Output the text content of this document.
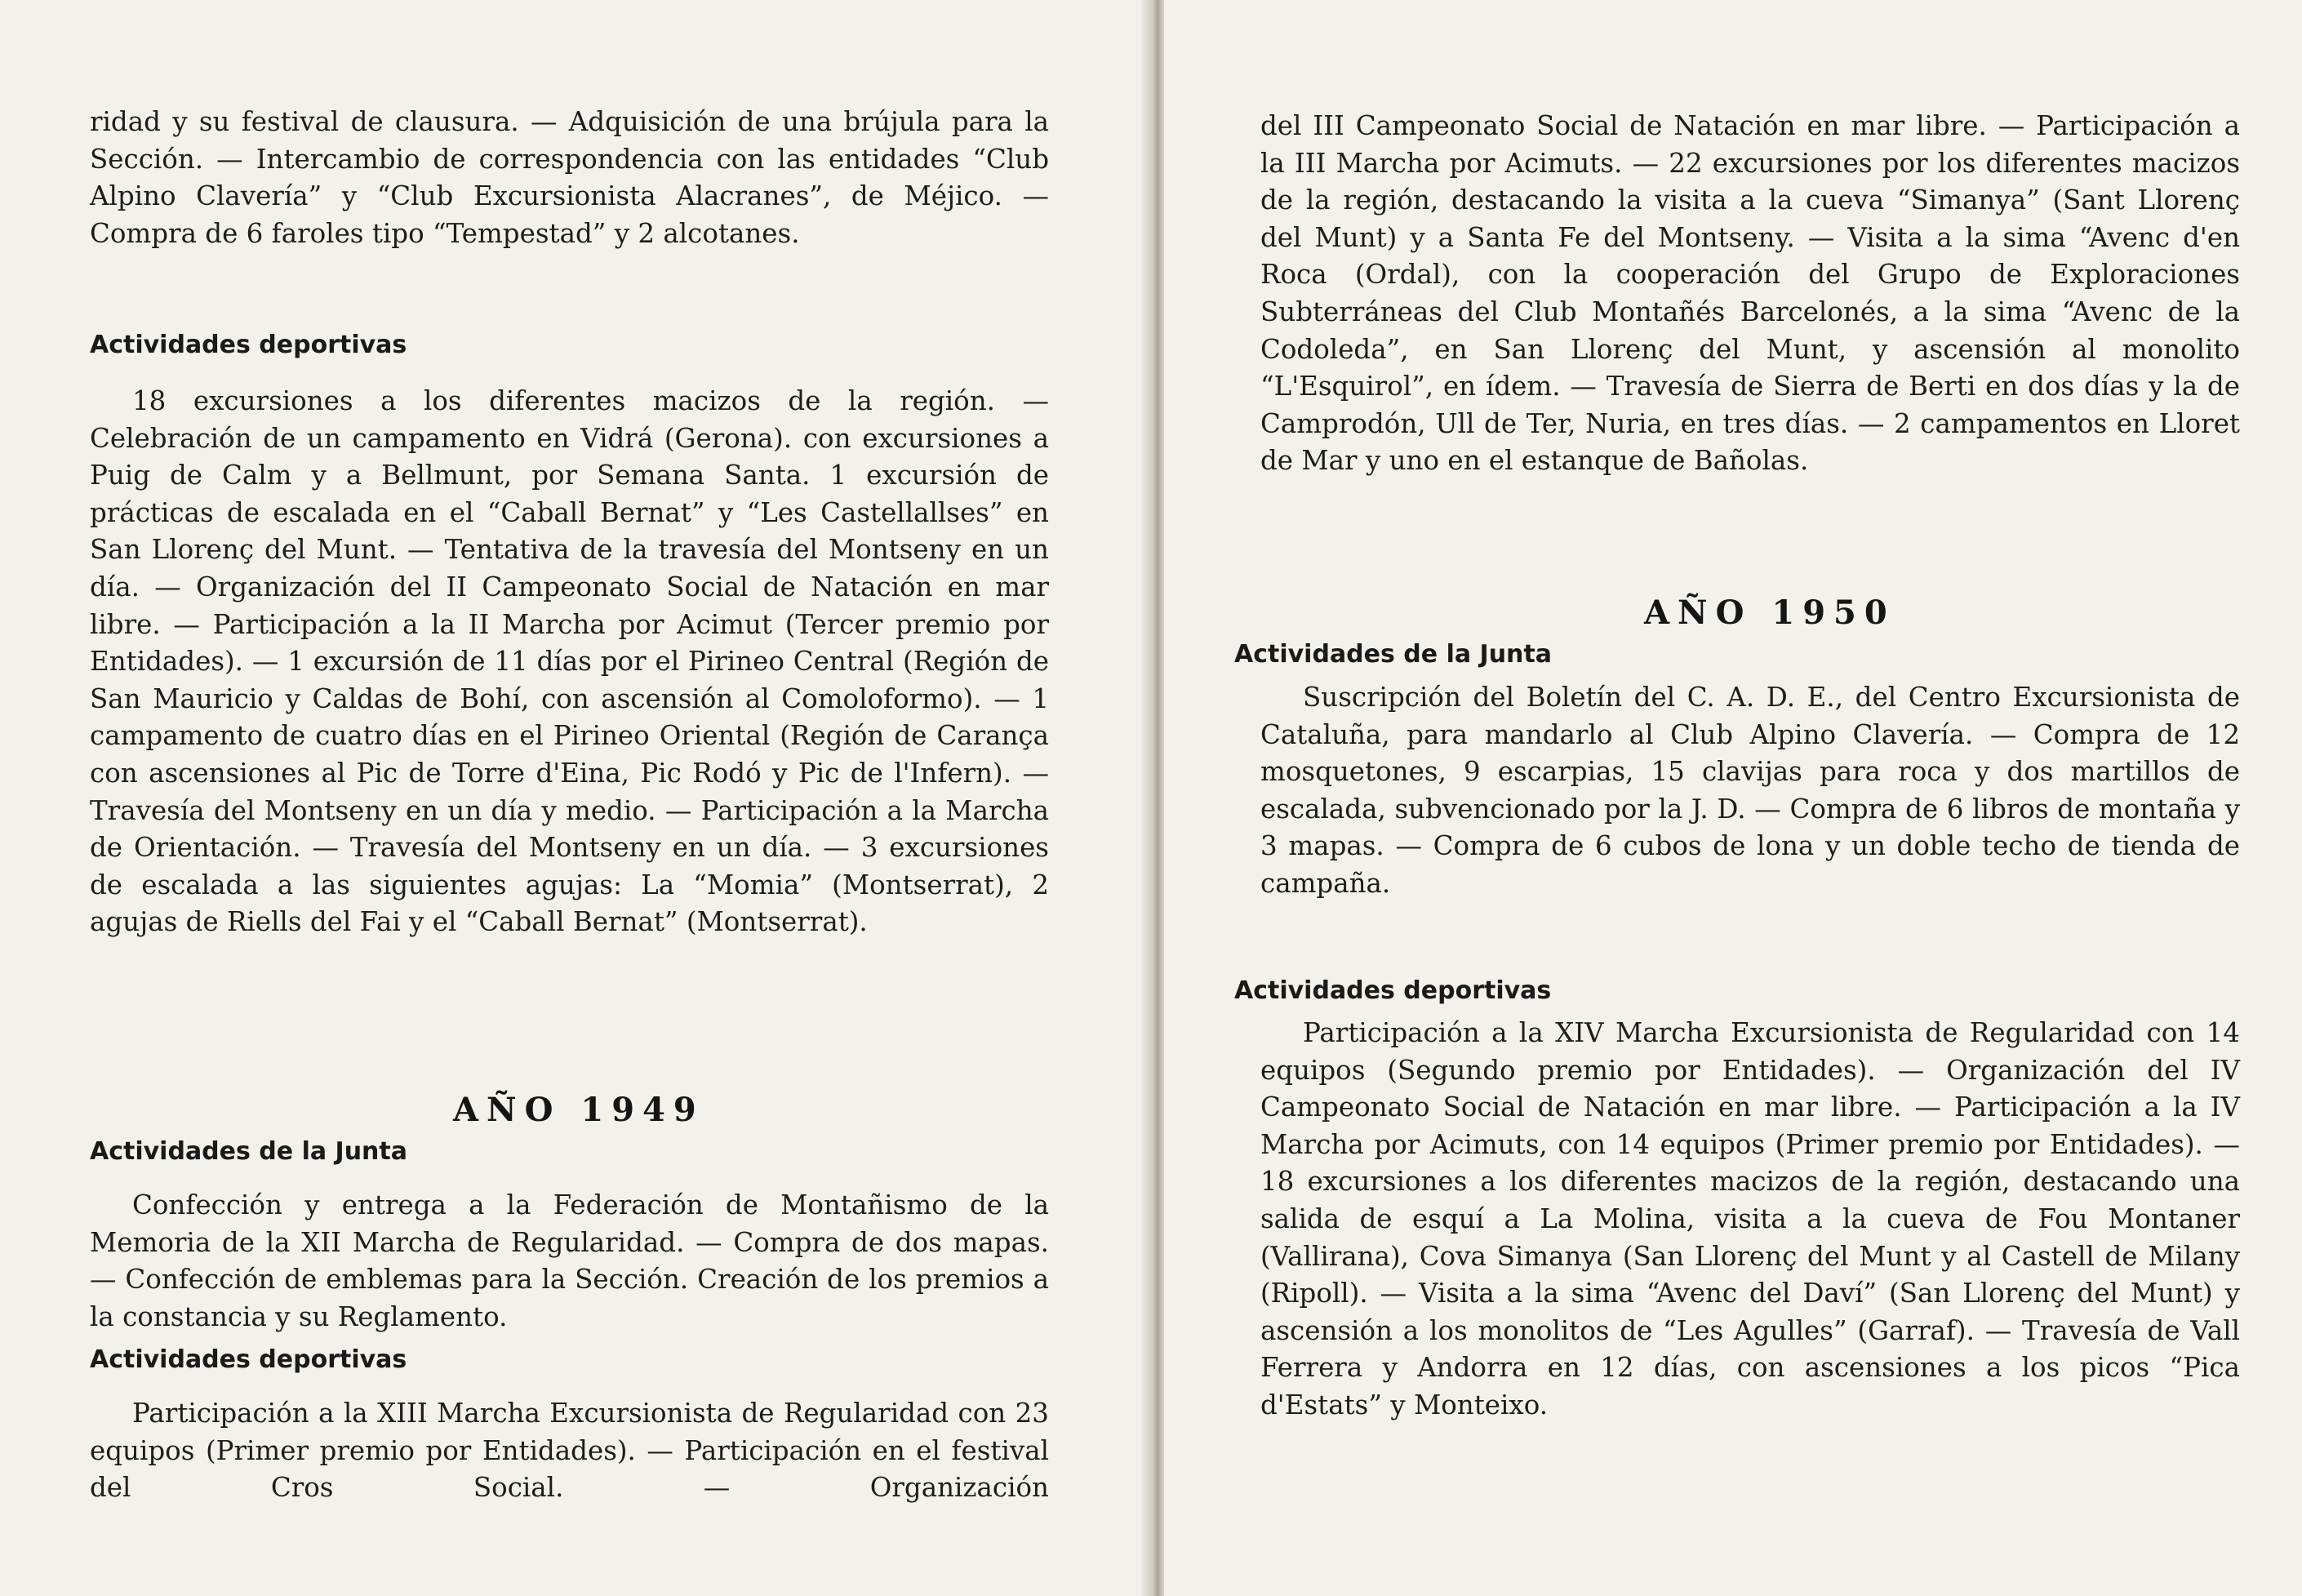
ridad y su festival de clausura. — Adquisición de una brújula para la Sección. — Intercambio de correspondencia con las entidades “Club Alpino Clavería” y “Club Excursionista Alacranes”, de Méjico. — Compra de 6 faroles tipo “Tempestad” y 2 alcotanes.

Actividades deportivas

18 excursiones a los diferentes macizos de la región. — Celebración de un campamento en Vidrá (Gerona). con excursiones a Puig de Calm y a Bellmunt, por Semana Santa. 1 excursión de prácticas de escalada en el “Caball Bernat” y “Les Castellallses” en San Llorenç del Munt. — Tentativa de la travesía del Montseny en un día. — Organización del II Campeonato Social de Natación en mar libre. — Participación a la II Marcha por Acimut (Tercer premio por Entidades). — 1 excursión de 11 días por el Pirineo Central (Región de San Mauricio y Caldas de Bohí, con ascensión al Comoloformo). — 1 campamento de cuatro días en el Pirineo Oriental (Región de Carança con ascensiones al Pic de Torre d'Eina, Pic Rodó y Pic de l'Infern). — Travesía del Montseny en un día y medio. — Participación a la Marcha de Orientación. — Travesía del Montseny en un día. — 3 excursiones de escalada a las siguientes agujas: La “Momia” (Montserrat), 2 agujas de Riells del Fai y el “Caball Bernat” (Montserrat).

AÑO 1949
Actividades de la Junta

Confección y entrega a la Federación de Montañismo de la Memoria de la XII Marcha de Regularidad. — Compra de dos mapas. — Confección de emblemas para la Sección. Creación de los premios a la constancia y su Reglamento.

Actividades deportivas

Participación a la XIII Marcha Excursionista de Regularidad con 23 equipos (Primer premio por Entidades). — Participación en el festival del Cros Social. — Organización

del III Campeonato Social de Natación en mar libre. — Participación a la III Marcha por Acimuts. — 22 excursiones por los diferentes macizos de la región, destacando la visita a la cueva “Simanya” (Sant Llorenç del Munt) y a Santa Fe del Montseny. — Visita a la sima “Avenc d'en Roca (Ordal), con la cooperación del Grupo de Exploraciones Subterráneas del Club Montañés Barcelonés, a la sima “Avenc de la Codoleda”, en San Llorenç del Munt, y ascensión al monolito “L'Esquirol”, en ídem. — Travesía de Sierra de Berti en dos días y la de Camprodón, Ull de Ter, Nuria, en tres días. — 2 campamentos en Lloret de Mar y uno en el estanque de Bañolas.

AÑO 1950
Actividades de la Junta

Suscripción del Boletín del C. A. D. E., del Centro Excursionista de Cataluña, para mandarlo al Club Alpino Clavería. — Compra de 12 mosquetones, 9 escarpias, 15 clavijas para roca y dos martillos de escalada, subvencionado por la J. D. — Compra de 6 libros de montaña y 3 mapas. — Compra de 6 cubos de lona y un doble techo de tienda de campaña.

Actividades deportivas

Participación a la XIV Marcha Excursionista de Regularidad con 14 equipos (Segundo premio por Entidades). — Organización del IV Campeonato Social de Natación en mar libre. — Participación a la IV Marcha por Acimuts, con 14 equipos (Primer premio por Entidades). — 18 excursiones a los diferentes macizos de la región, destacando una salida de esquí a La Molina, visita a la cueva de Fou Montaner (Vallirana), Cova Simanya (San Llorenç del Munt y al Castell de Milany (Ripoll). — Visita a la sima “Avenc del Daví” (San Llorenç del Munt) y ascensión a los monolitos de “Les Agulles” (Garraf). — Travesía de Vall Ferrera y Andorra en 12 días, con ascensiones a los picos “Pica d'Estats” y Monteixo.
